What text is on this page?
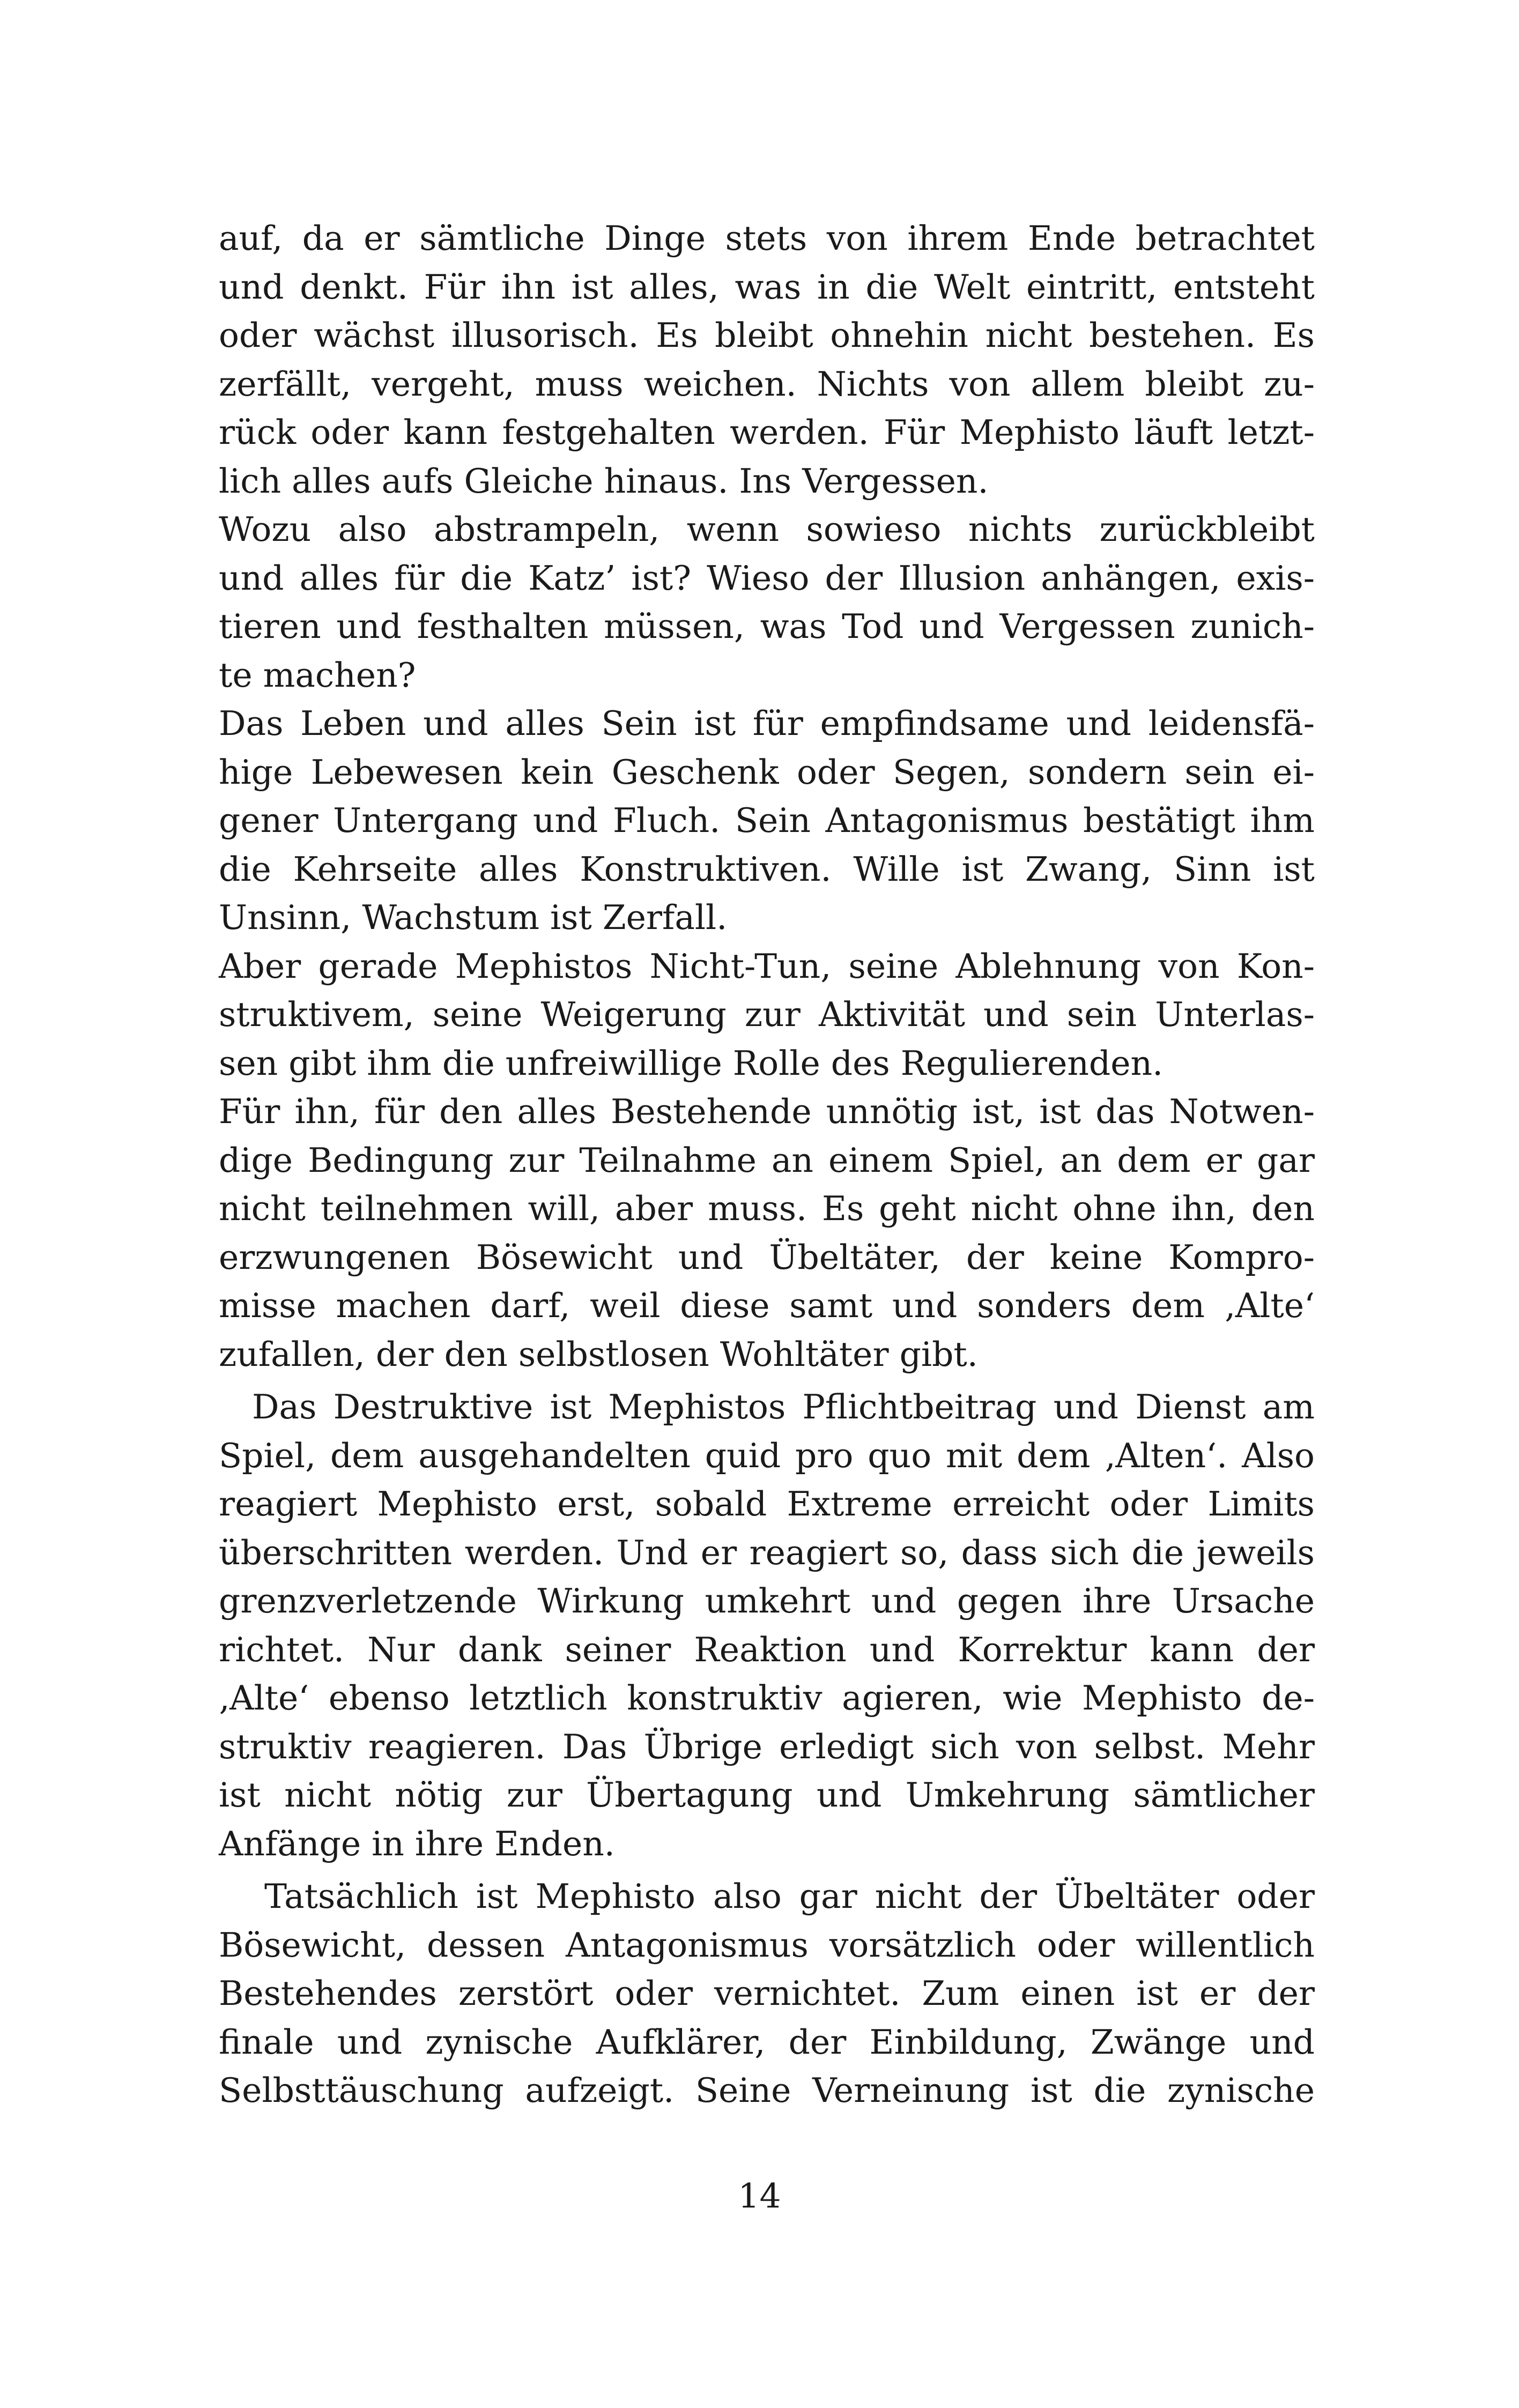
auf, da er sämtliche Dinge stets von ihrem Ende betrachtet
und denkt. Für ihn ist alles, was in die Welt eintritt, entsteht
oder wächst illusorisch. Es bleibt ohnehin nicht bestehen. Es
zerfällt, vergeht, muss weichen. Nichts von allem bleibt zu-
rück oder kann festgehalten werden. Für Mephisto läuft letzt-
lich alles aufs Gleiche hinaus. Ins Vergessen.
Wozu also abstrampeln, wenn sowieso nichts zurückbleibt
und alles für die Katz’ ist? Wieso der Illusion anhängen, exis-
tieren und festhalten müssen, was Tod und Vergessen zunich-
te machen?
Das Leben und alles Sein ist für empfindsame und leidensfä-
hige Lebewesen kein Geschenk oder Segen, sondern sein ei-
gener Untergang und Fluch. Sein Antagonismus bestätigt ihm
die Kehrseite alles Konstruktiven. Wille ist Zwang, Sinn ist
Unsinn, Wachstum ist Zerfall.
Aber gerade Mephistos Nicht-Tun, seine Ablehnung von Kon-
struktivem, seine Weigerung zur Aktivität und sein Unterlas-
sen gibt ihm die unfreiwillige Rolle des Regulierenden.
Für ihn, für den alles Bestehende unnötig ist, ist das Notwen-
dige Bedingung zur Teilnahme an einem Spiel, an dem er gar
nicht teilnehmen will, aber muss. Es geht nicht ohne ihn, den
erzwungenen Bösewicht und Übeltäter, der keine Kompro-
misse machen darf, weil diese samt und sonders dem ‚Alte‘
zufallen, der den selbstlosen Wohltäter gibt.
Das Destruktive ist Mephistos Pflichtbeitrag und Dienst am
Spiel, dem ausgehandelten quid pro quo mit dem ‚Alten‘. Also
reagiert Mephisto erst, sobald Extreme erreicht oder Limits
überschritten werden. Und er reagiert so, dass sich die jeweils
grenzverletzende Wirkung umkehrt und gegen ihre Ursache
richtet. Nur dank seiner Reaktion und Korrektur kann der
‚Alte‘ ebenso letztlich konstruktiv agieren, wie Mephisto de-
struktiv reagieren. Das Übrige erledigt sich von selbst. Mehr
ist nicht nötig zur Übertagung und Umkehrung sämtlicher
Anfänge in ihre Enden.
Tatsächlich ist Mephisto also gar nicht der Übeltäter oder
Bösewicht, dessen Antagonismus vorsätzlich oder willentlich
Bestehendes zerstört oder vernichtet. Zum einen ist er der
finale und zynische Aufklärer, der Einbildung, Zwänge und
Selbsttäuschung aufzeigt. Seine Verneinung ist die zynische
14
